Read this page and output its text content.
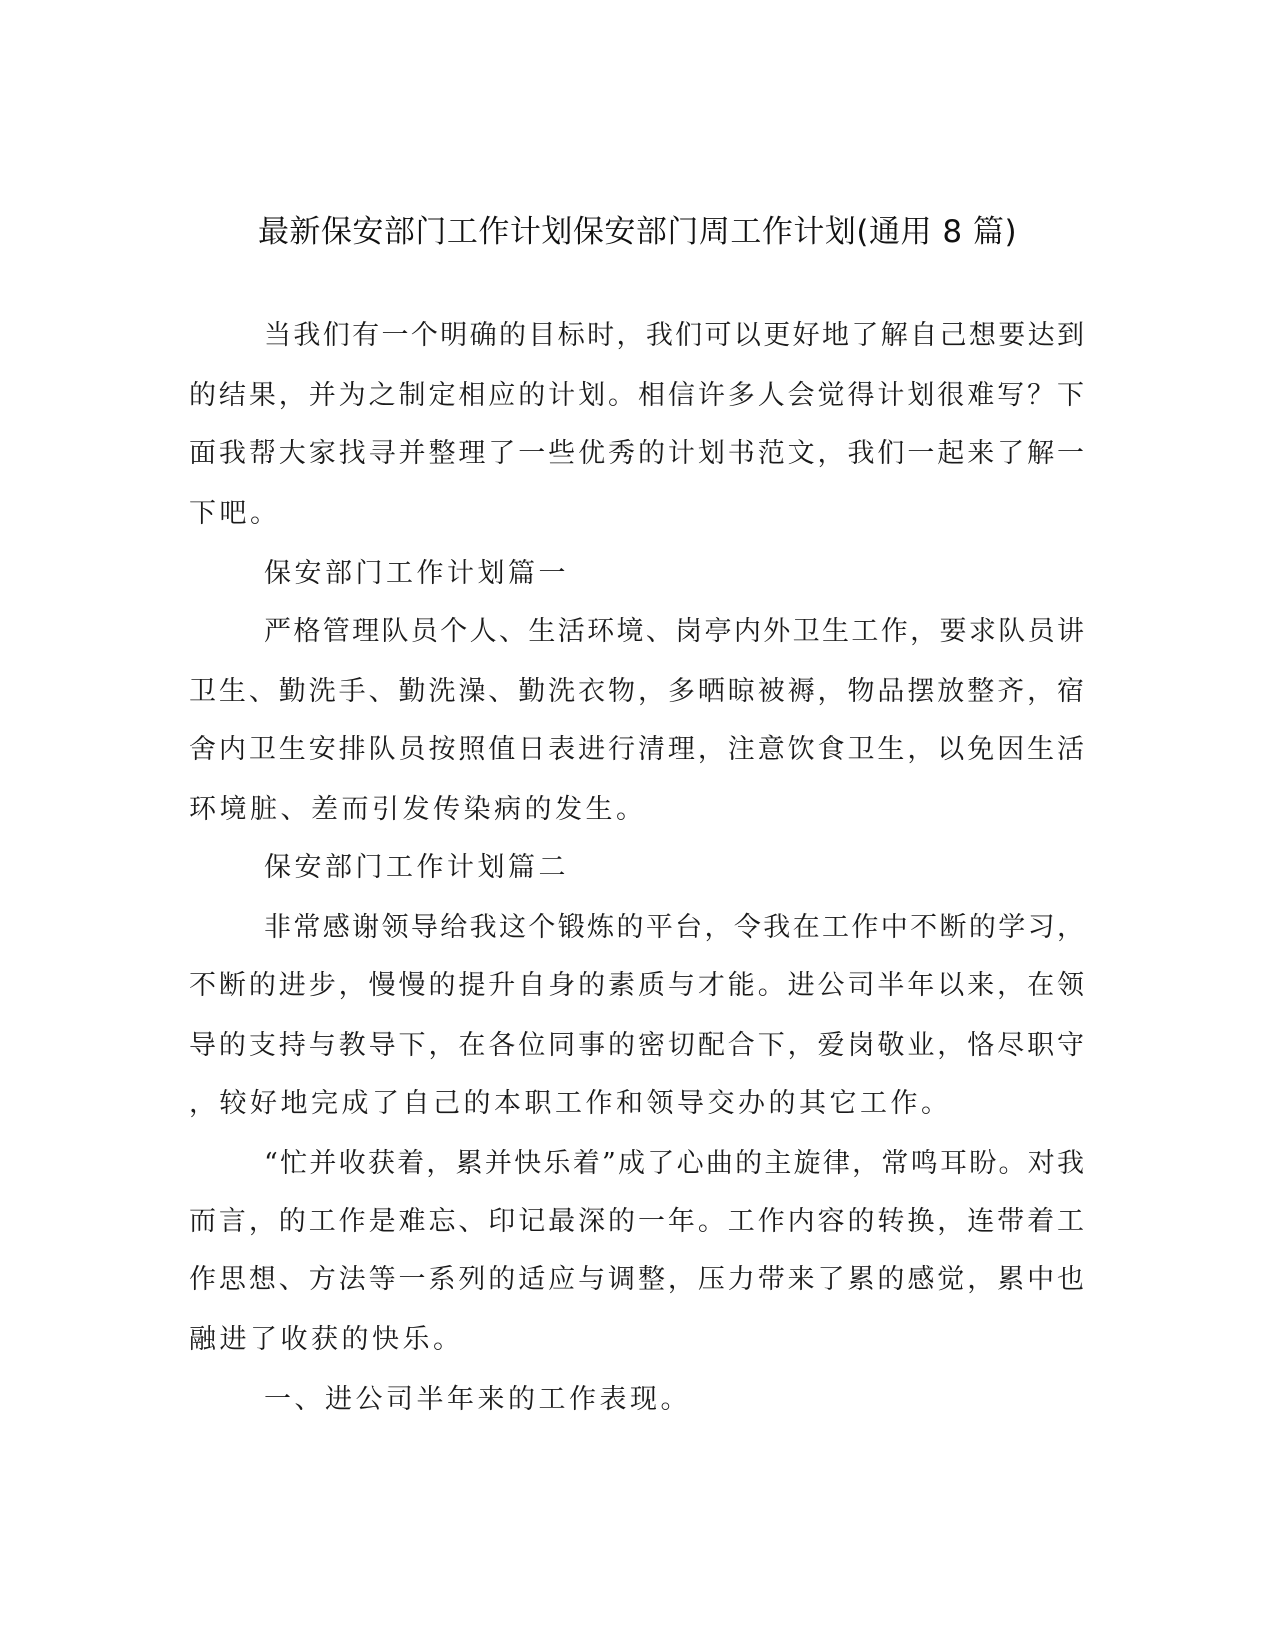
最新保安部门工作计划保安部门周工作计划(通用 8 篇)

当我们有一个明确的目标时，我们可以更好地了解自己想要达到

的结果，并为之制定相应的计划。相信许多人会觉得计划很难写？下

面我帮大家找寻并整理了一些优秀的计划书范文，我们一起来了解一

下吧。

保安部门工作计划篇一

严格管理队员个人、生活环境、岗亭内外卫生工作，要求队员讲

卫生、勤洗手、勤洗澡、勤洗衣物，多晒晾被褥，物品摆放整齐，宿

舍内卫生安排队员按照值日表进行清理，注意饮食卫生，以免因生活

环境脏、差而引发传染病的发生。

保安部门工作计划篇二

非常感谢领导给我这个锻炼的平台，令我在工作中不断的学习，

不断的进步，慢慢的提升自身的素质与才能。进公司半年以来，在领

导的支持与教导下，在各位同事的密切配合下，爱岗敬业，恪尽职守

，较好地完成了自己的本职工作和领导交办的其它工作。

“忙并收获着，累并快乐着”成了心曲的主旋律，常鸣耳盼。对我

而言，的工作是难忘、印记最深的一年。工作内容的转换，连带着工

作思想、方法等一系列的适应与调整，压力带来了累的感觉，累中也

融进了收获的快乐。

一、进公司半年来的工作表现。
